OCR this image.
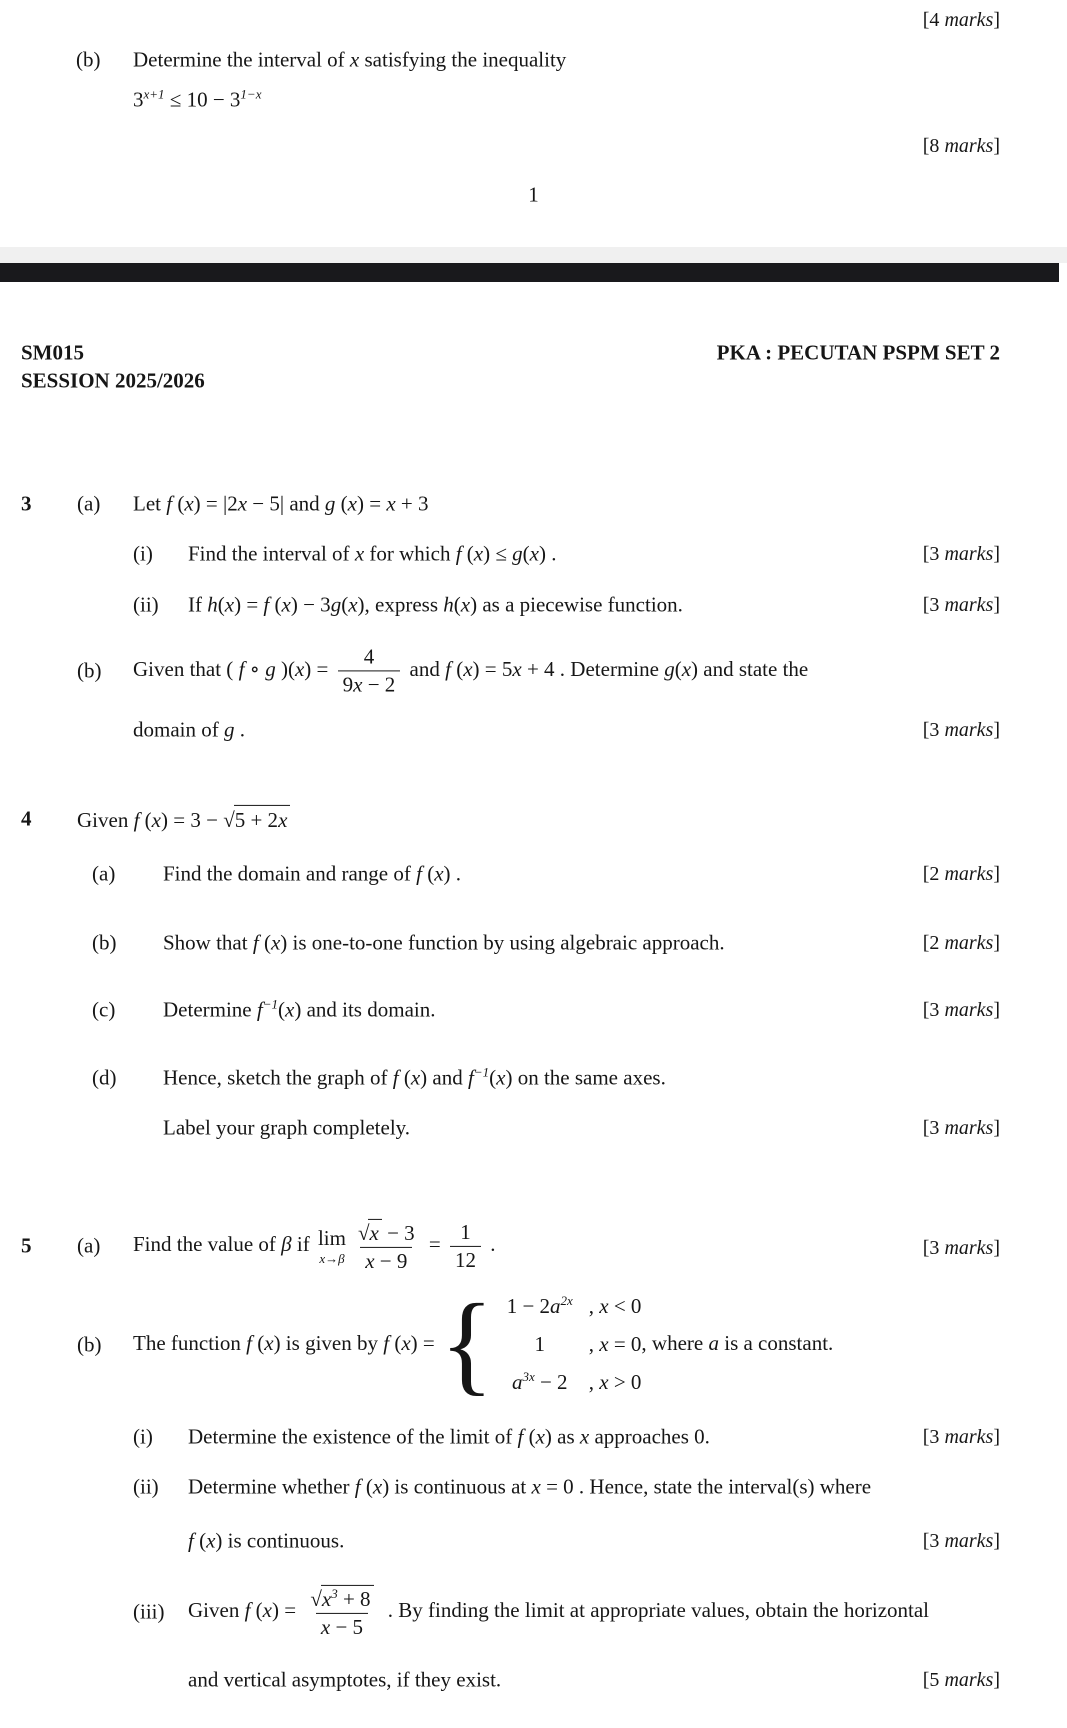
[4 marks]
(b) Determine the interval of x satisfying the inequality
$3^{x+1} \le 10 - 3^{1-x}$
[8 marks]
1
SM015	PKA : PECUTAN PSPM SET 2
SESSION 2025/2026
3 (a) Let f (x) = |2x − 5| and g (x) = x + 3
(i) Find the interval of x for which f (x) ≤ g(x) .	[3 marks]
(ii) If h(x) = f (x) − 3g(x), express h(x) as a piecewise function.	[3 marks]
(b) Given that ( f ∘ g )$(x) = \frac{4}{9x - 2}$ and f (x) = 5x + 4 . Determine g(x) and state the
domain of g .	[3 marks]
4 Given f (x) = 3 − √5 + 2x
(a) Find the domain and range of f (x) .	[2 marks]
(b) Show that f (x) is one-to-one function by using algebraic approach.	[2 marks]
(c) Determine $f^{-1}(x)$ and its domain.	[3 marks]
(d) Hence, sketch the graph of f (x) and $f^{-1}(x)$ on the same axes.
Label your graph completely.	[3 marks]
5 (a) Find the value of β if lim
$x\to\beta \frac{√x - 3}{x - 9} = \frac{1}{12}$ .	[3 marks]
(b) The function f (x) is given by f (x) = { $1 - 2a^{2x}$ , x < 0
1	, x = 0
$a^{3x} - 2$	, x > 0
, where a is a constant.
(i) Determine the existence of the limit of f (x) as x approaches 0.	[3 marks]
(ii) Determine whether f (x) is continuous at x = 0 . Hence, state the interval(s) where
f (x) is continuous.	[3 marks]
(iii) Given f $(x) = \frac{√x^3 + 8}{x - 5}$ . By finding the limit at appropriate values, obtain the horizontal
and vertical asymptotes, if they exist.	[5 marks]
